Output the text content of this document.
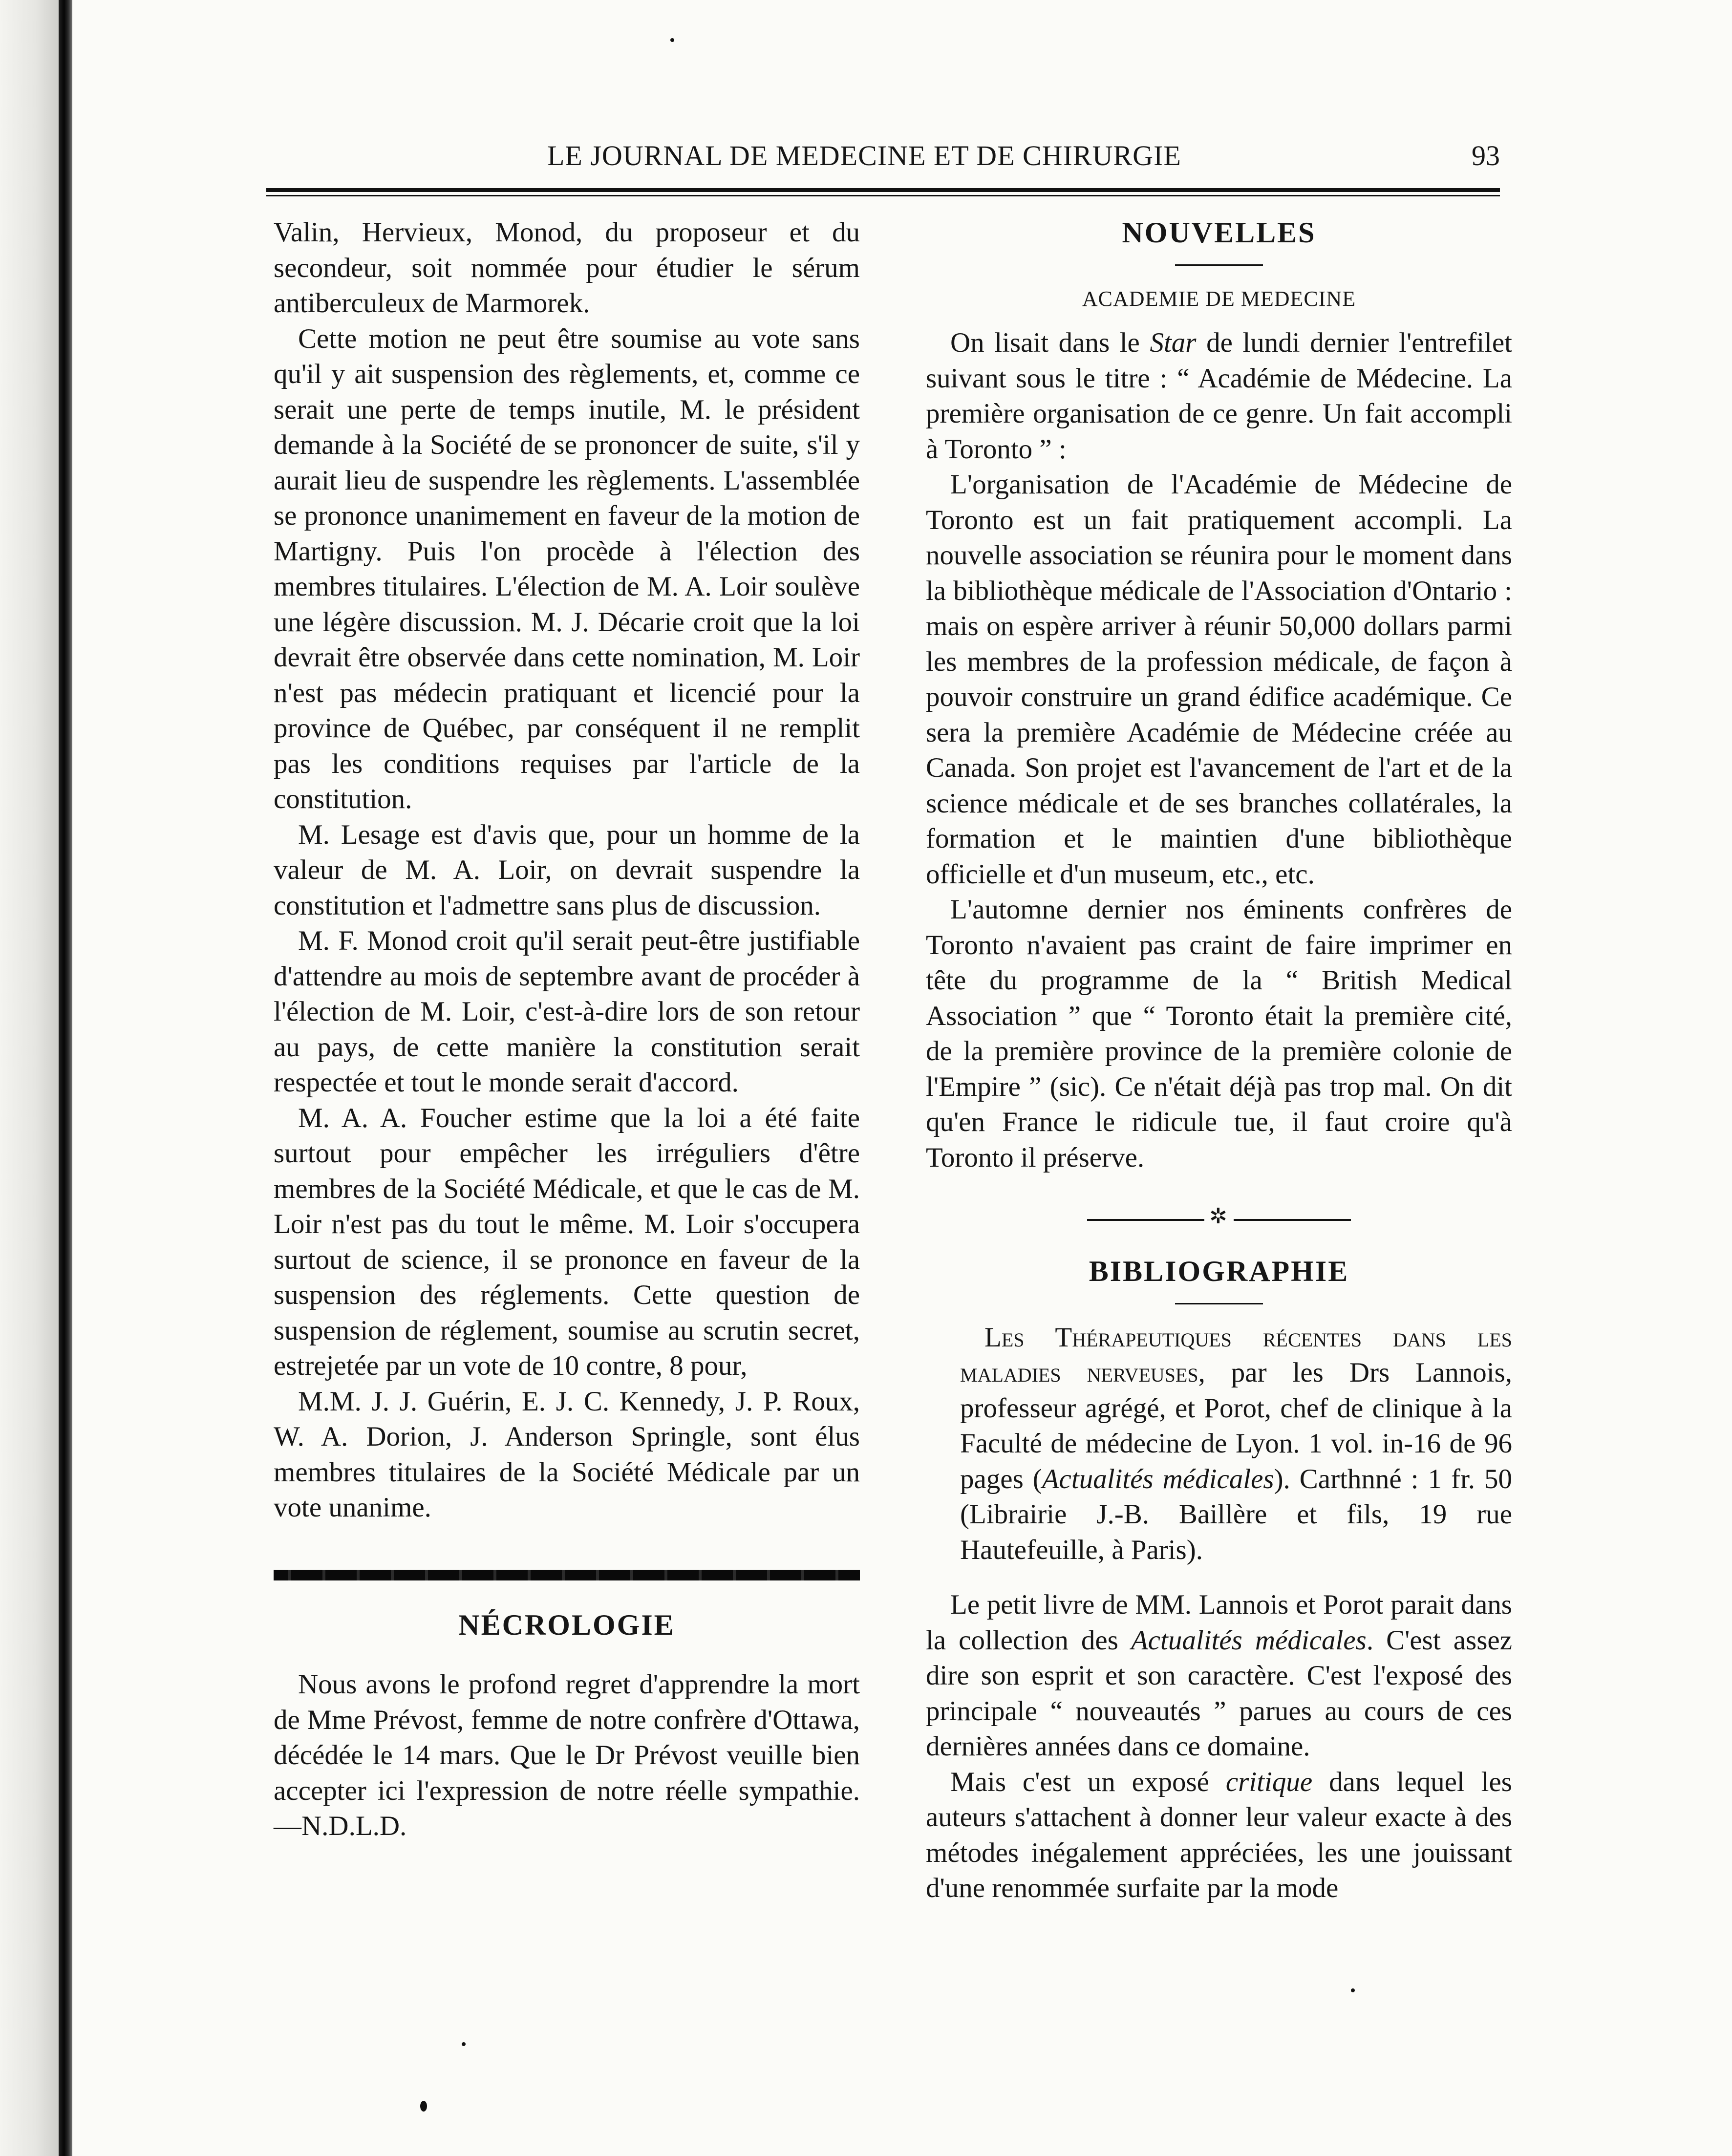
LE JOURNAL DE MEDECINE ET DE CHIRURGIE	93

Valin, Hervieux, Monod, du proposeur et du secondeur, soit nommée pour étudier le sérum antiberculeux de Marmorek.

Cette motion ne peut être soumise au vote sans qu'il y ait suspension des règlements, et, comme ce serait une perte de temps inutile, M. le président demande à la Société de se prononcer de suite, s'il y aurait lieu de suspendre les règlements. L'assemblée se prononce unanimement en faveur de la motion de Martigny. Puis l'on procède à l'élection des membres titulaires. L'élection de M. A. Loir soulève une légère discussion. M. J. Décarie croit que la loi devrait être observée dans cette nomination, M. Loir n'est pas médecin pratiquant et licencié pour la province de Québec, par conséquent il ne remplit pas les conditions requises par l'article de la constitution.

M. Lesage est d'avis que, pour un homme de la valeur de M. A. Loir, on devrait suspendre la constitution et l'admettre sans plus de discussion.

M. F. Monod croit qu'il serait peut-être justifiable d'attendre au mois de septembre avant de procéder à l'élection de M. Loir, c'est-à-dire lors de son retour au pays, de cette manière la constitution serait respectée et tout le monde serait d'accord.

M. A. A. Foucher estime que la loi a été faite surtout pour empêcher les irréguliers d'être membres de la Société Médicale, et que le cas de M. Loir n'est pas du tout le même. M. Loir s'occupera surtout de science, il se prononce en faveur de la suspension des réglements. Cette question de suspension de réglement, soumise au scrutin secret, estrejetée par un vote de 10 contre, 8 pour,

M.M. J. J. Guérin, E. J. C. Kennedy, J. P. Roux, W. A. Dorion, J. Anderson Springle, sont élus membres titulaires de la Société Médicale par un vote unanime.

NÉCROLOGIE

Nous avons le profond regret d'apprendre la mort de Mme Prévost, femme de notre confrère d'Ottawa, décédée le 14 mars. Que le Dr Prévost veuille bien accepter ici l'expression de notre réelle sympathie.—N.D.L.D.

NOUVELLES
ACADEMIE DE MEDECINE

On lisait dans le Star de lundi dernier l'entrefilet suivant sous le titre : “ Académie de Médecine. La première organisation de ce genre. Un fait accompli à Toronto ” :

L'organisation de l'Académie de Médecine de Toronto est un fait pratiquement accompli. La nouvelle association se réunira pour le moment dans la bibliothèque médicale de l'Association d'Ontario : mais on espère arriver à réunir 50,000 dollars parmi les membres de la profession médicale, de façon à pouvoir construire un grand édifice académique. Ce sera la première Académie de Médecine créée au Canada. Son projet est l'avancement de l'art et de la science médicale et de ses branches collatérales, la formation et le maintien d'une bibliothèque officielle et d'un museum, etc., etc.

L'automne dernier nos éminents confrères de Toronto n'avaient pas craint de faire imprimer en tête du programme de la “ British Medical Association ” que “ Toronto était la première cité, de la première province de la première colonie de l'Empire ” (sic). Ce n'était déjà pas trop mal. On dit qu'en France le ridicule tue, il faut croire qu'à Toronto il préserve.

✲
BIBLIOGRAPHIE

Les Thérapeutiques récentes dans les maladies nerveuses, par les Drs Lannois, professeur agrégé, et Porot, chef de clinique à la Faculté de médecine de Lyon. 1 vol. in-16 de 96 pages (Actualités médicales). Carthnné : 1 fr. 50 (Librairie J.-B. Baillère et fils, 19 rue Hautefeuille, à Paris).

Le petit livre de MM. Lannois et Porot parait dans la collection des Actualités médicales. C'est assez dire son esprit et son caractère. C'est l'exposé des principale “ nouveautés ” parues au cours de ces dernières années dans ce domaine.

Mais c'est un exposé critique dans lequel les auteurs s'attachent à donner leur valeur exacte à des métodes inégalement appréciées, les une jouissant d'une renommée surfaite par la mode
